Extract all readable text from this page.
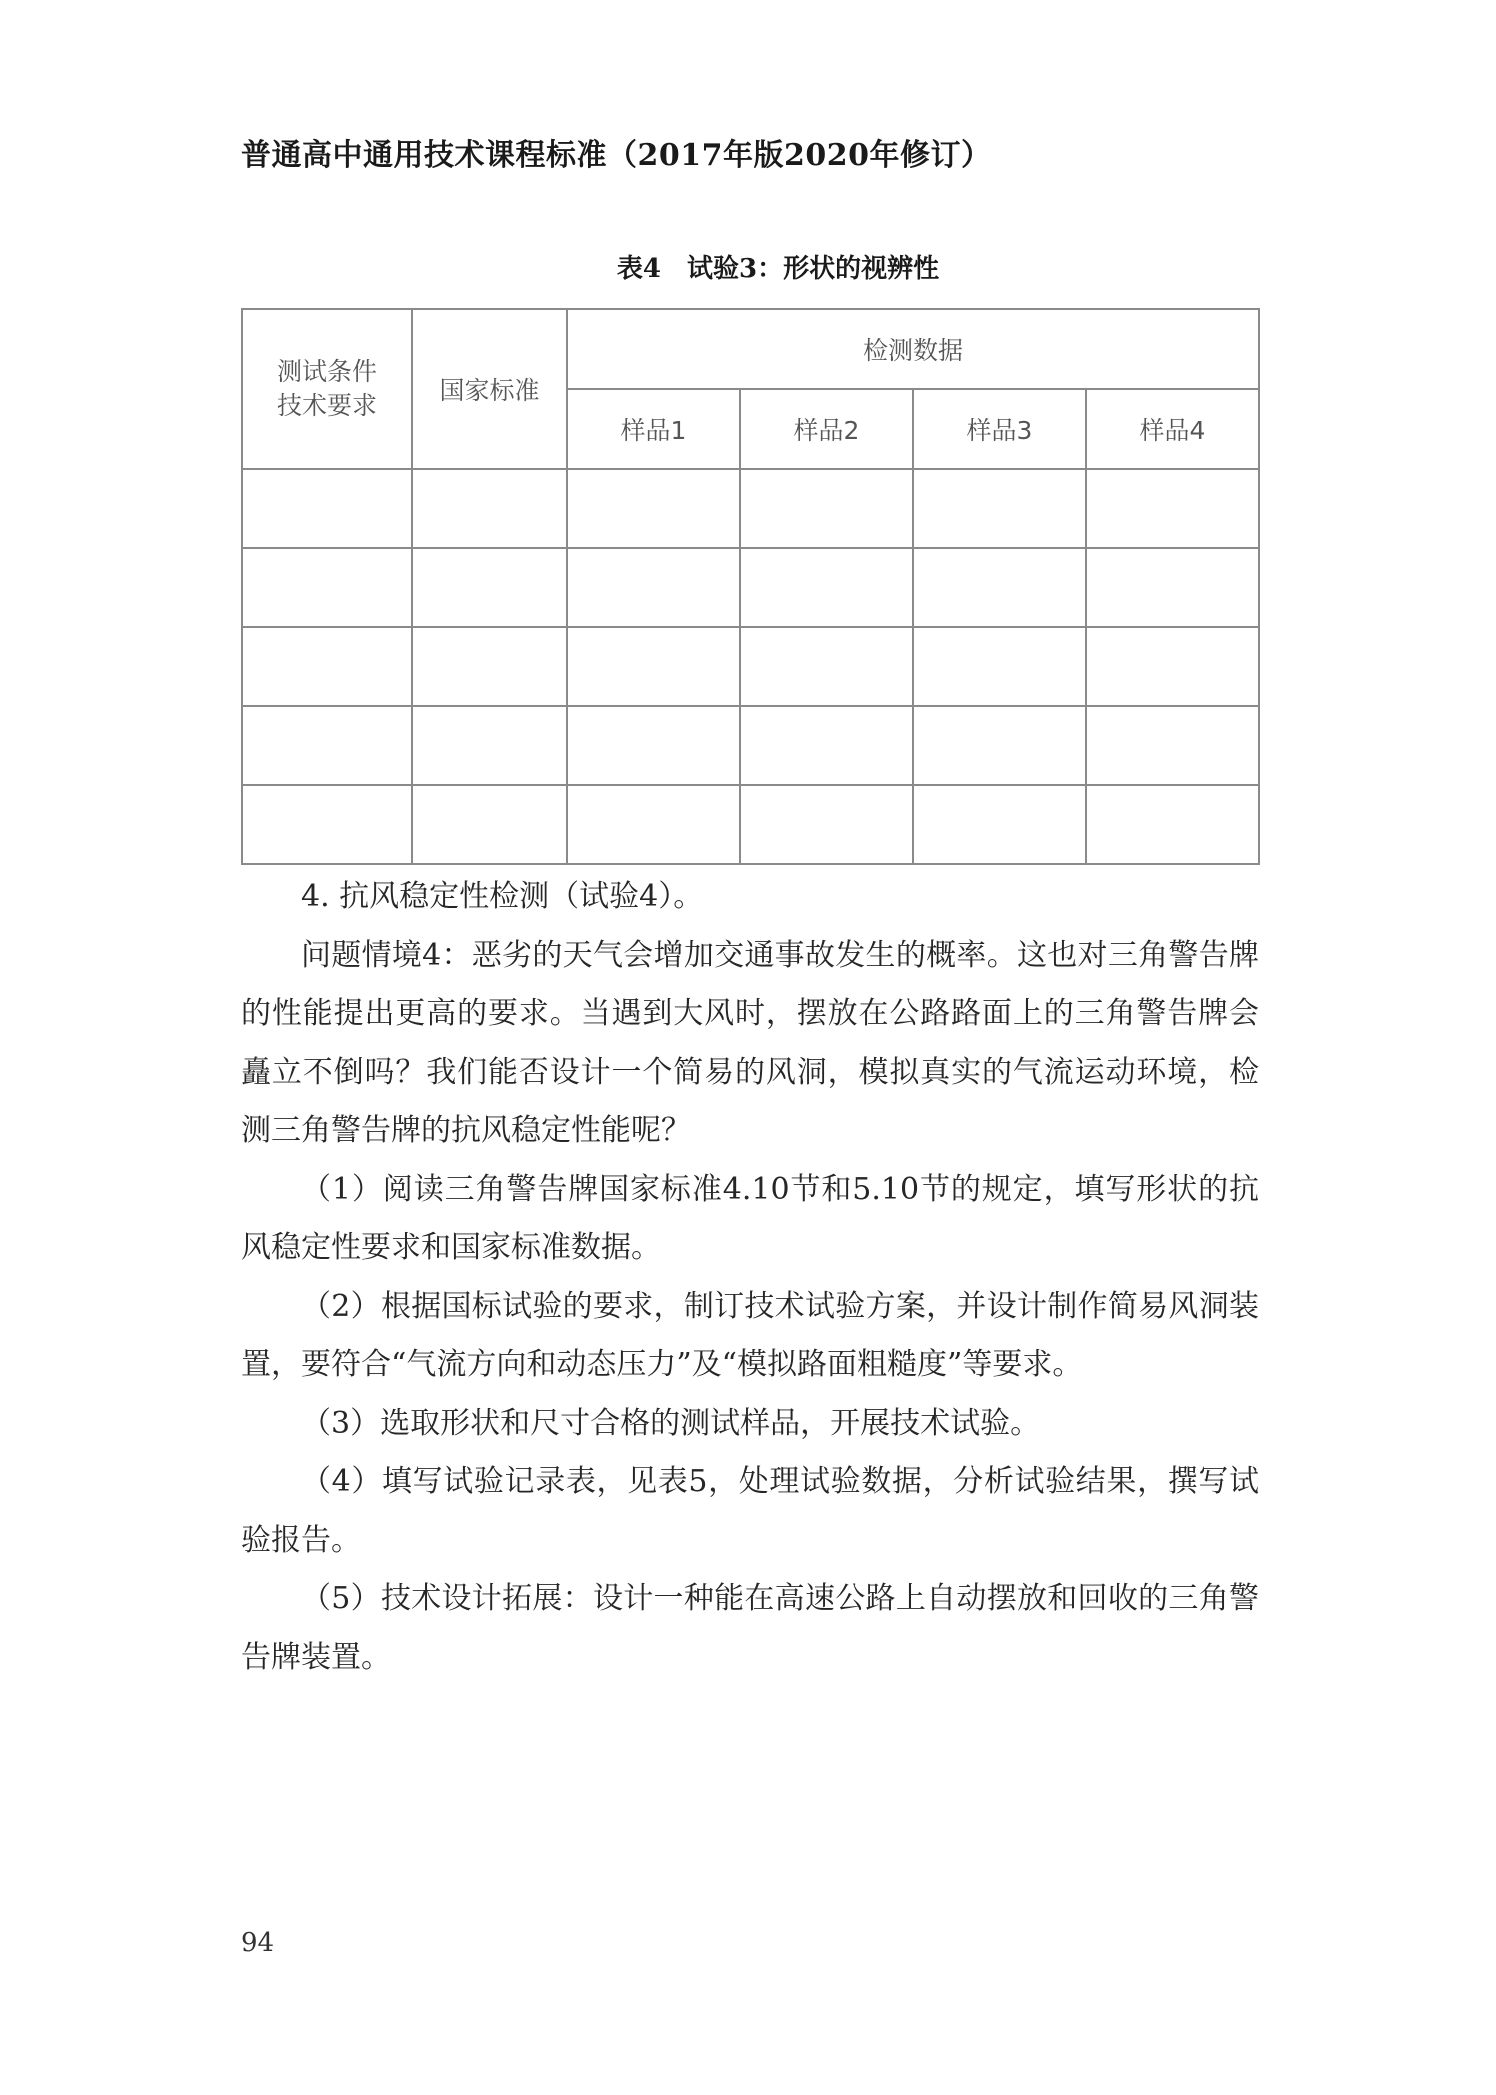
普通高中通用技术课程标准（2017年版2020年修订）
表4　试验3：形状的视辨性
测试条件
技术要求	国家标准	检测数据			
		样品1	样品2	样品3	样品4

4. 抗风稳定性检测（试验4）。

问题情境4：恶劣的天气会增加交通事故发生的概率。这也对三角警告牌的性能提出更高的要求。当遇到大风时，摆放在公路路面上的三角警告牌会矗立不倒吗？我们能否设计一个简易的风洞，模拟真实的气流运动环境，检测三角警告牌的抗风稳定性能呢？

（1）阅读三角警告牌国家标准4.10节和5.10节的规定，填写形状的抗风稳定性要求和国家标准数据。

（2）根据国标试验的要求，制订技术试验方案，并设计制作简易风洞装置，要符合“气流方向和动态压力”及“模拟路面粗糙度”等要求。

（3）选取形状和尺寸合格的测试样品，开展技术试验。

（4）填写试验记录表，见表5，处理试验数据，分析试验结果，撰写试验报告。

（5）技术设计拓展：设计一种能在高速公路上自动摆放和回收的三角警告牌装置。

94
